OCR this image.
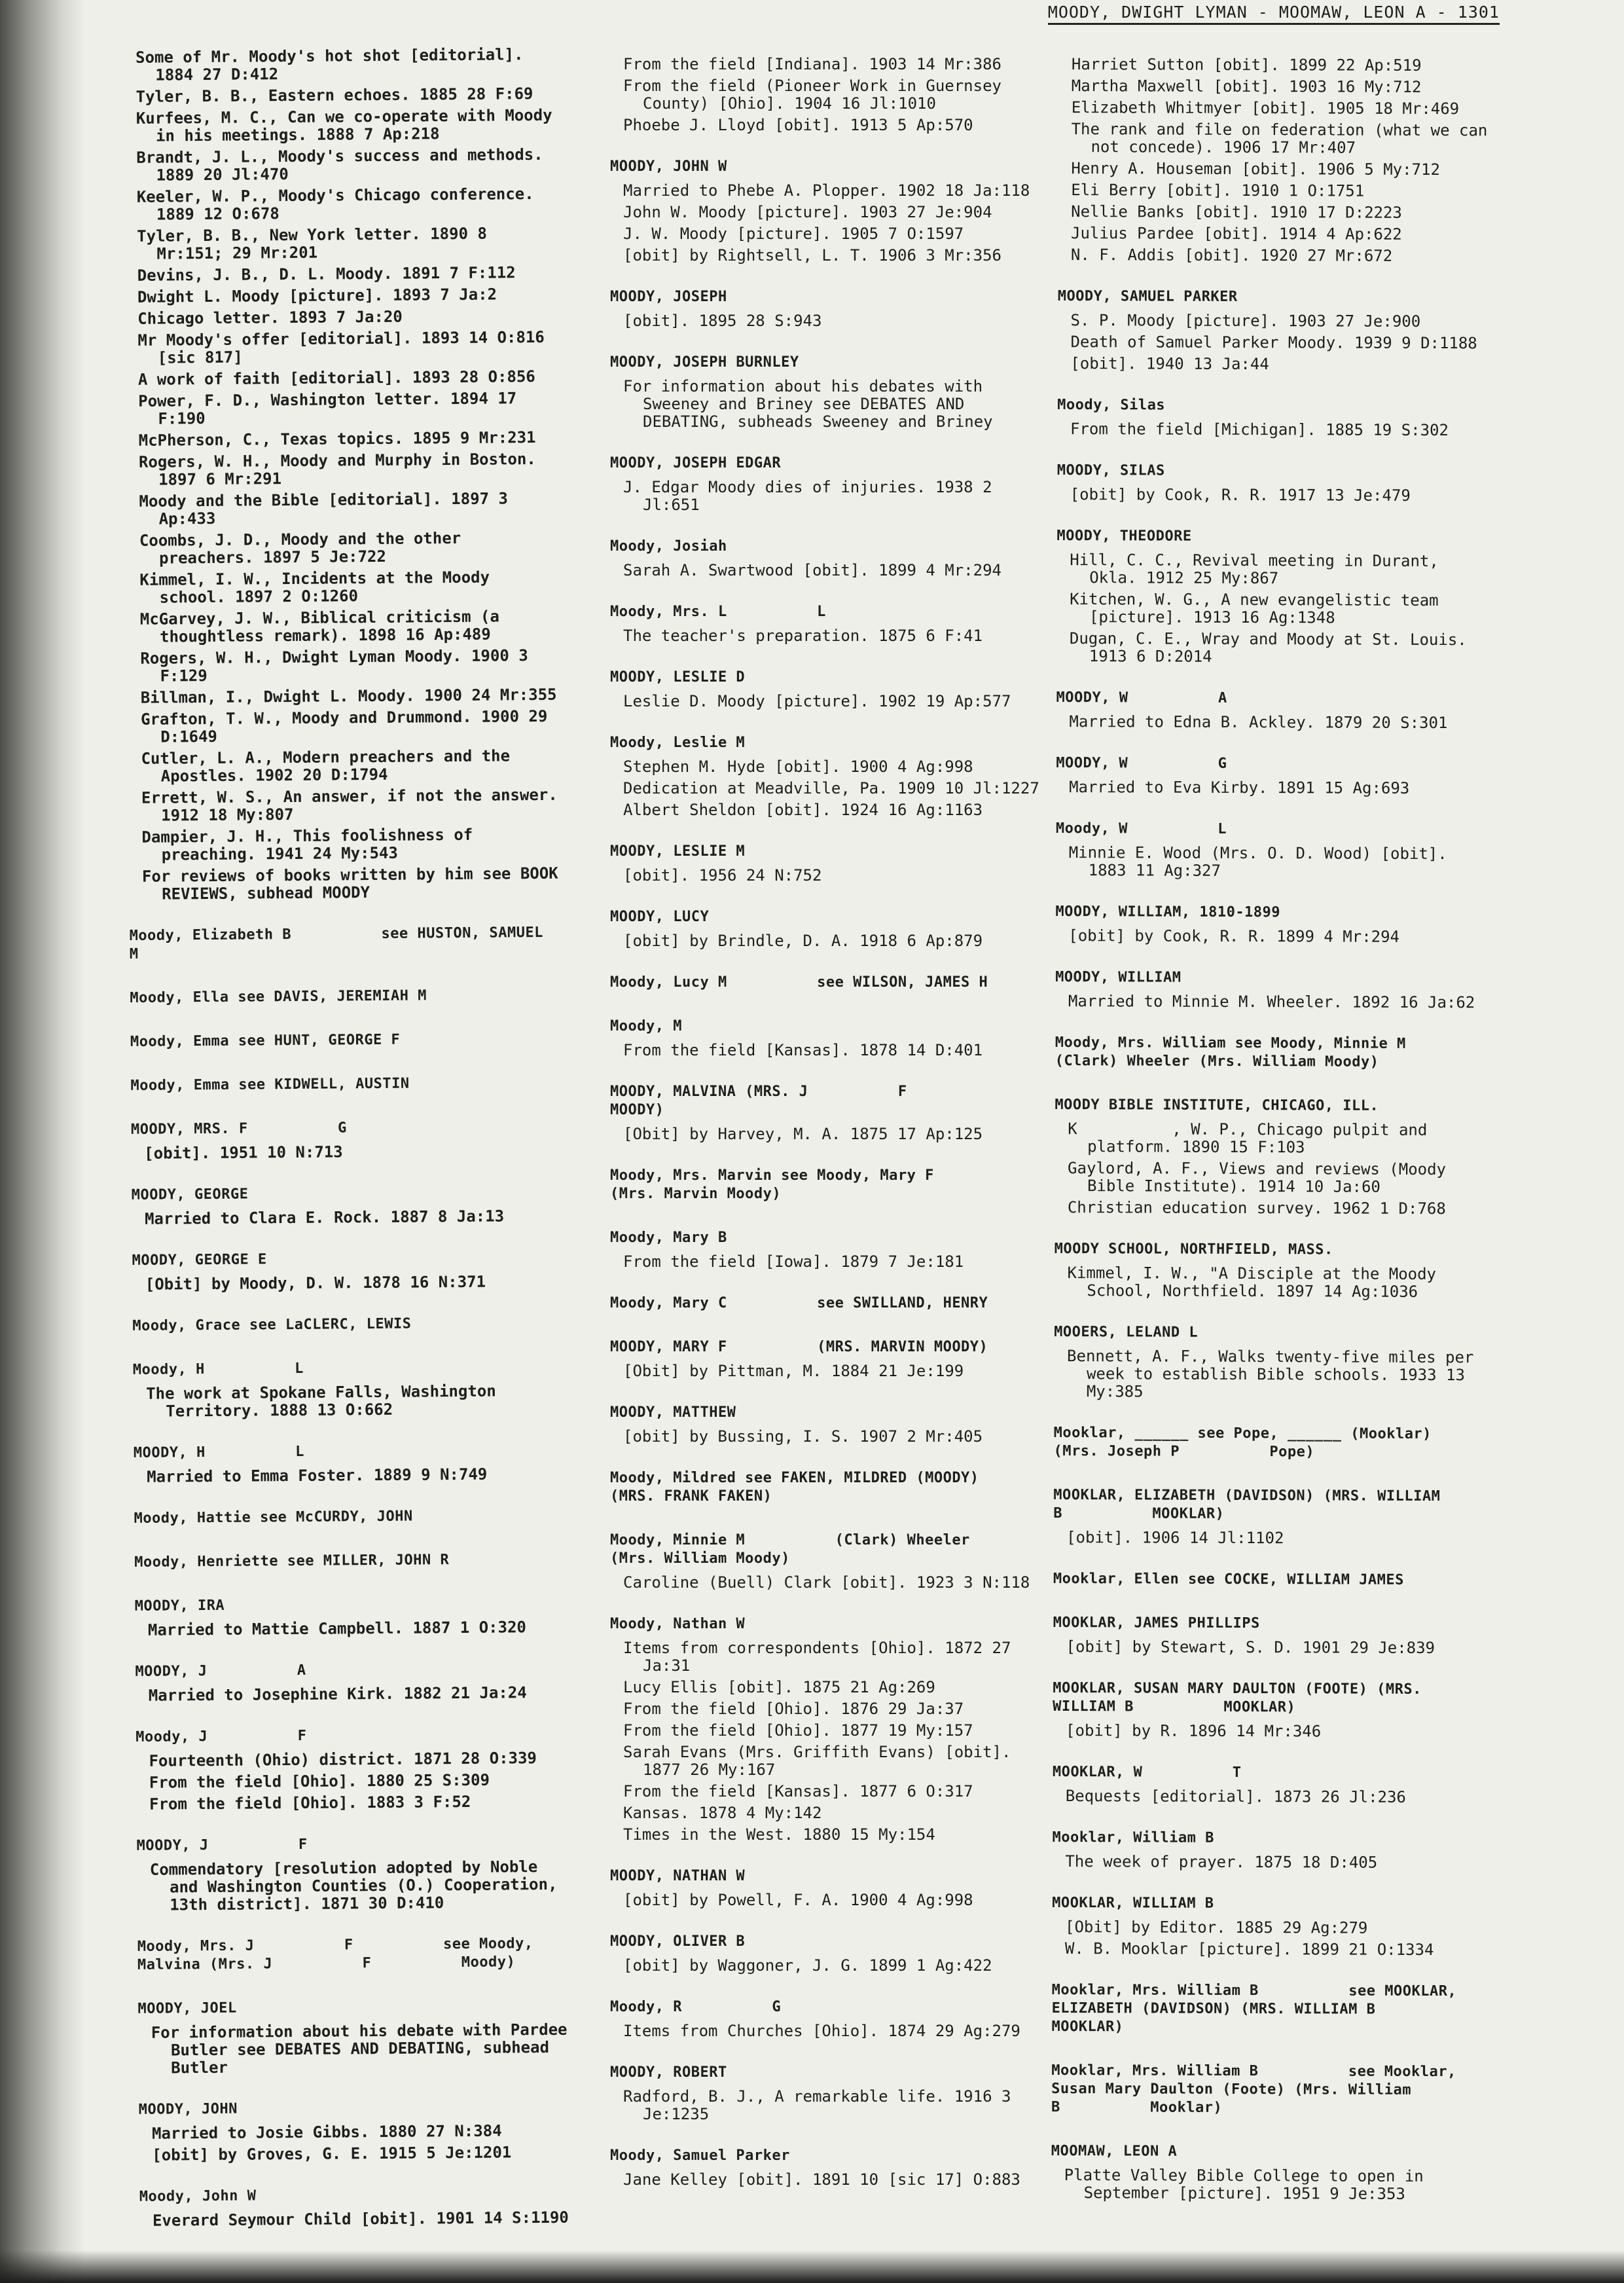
MOODY, DWIGHT LYMAN - MOOMAW, LEON A - 1301
Some of Mr. Moody's hot shot [editorial]. 1884 27 D:412
Tyler, B. B., Eastern echoes. 1885 28 F:69
Kurfees, M. C., Can we co-operate with Moody in his meetings. 1888 7 Ap:218
Brandt, J. L., Moody's success and methods. 1889 20 Jl:470
Keeler, W. P., Moody's Chicago conference. 1889 12 O:678
Tyler, B. B., New York letter. 1890 8 Mr:151; 29 Mr:201
Devins, J. B., D. L. Moody. 1891 7 F:112
Dwight L. Moody [picture]. 1893 7 Ja:2
Chicago letter. 1893 7 Ja:20
Mr Moody's offer [editorial]. 1893 14 O:816 [sic 817]
A work of faith [editorial]. 1893 28 O:856
Power, F. D., Washington letter. 1894 17 F:190
McPherson, C., Texas topics. 1895 9 Mr:231
Rogers, W. H., Moody and Murphy in Boston. 1897 6 Mr:291
Moody and the Bible [editorial]. 1897 3 Ap:433
Coombs, J. D., Moody and the other preachers. 1897 5 Je:722
Kimmel, I. W., Incidents at the Moody school. 1897 2 O:1260
McGarvey, J. W., Biblical criticism (a thoughtless remark). 1898 16 Ap:489
Rogers, W. H., Dwight Lyman Moody. 1900 3 F:129
Billman, I., Dwight L. Moody. 1900 24 Mr:355
Grafton, T. W., Moody and Drummond. 1900 29 D:1649
Cutler, L. A., Modern preachers and the Apostles. 1902 20 D:1794
Errett, W. S., An answer, if not the answer. 1912 18 My:807
Dampier, J. H., This foolishness of preaching. 1941 24 My:543
For reviews of books written by him see BOOK REVIEWS, subhead MOODY
Moody, Elizabeth B          see HUSTON, SAMUEL M
Moody, Ella see DAVIS, JEREMIAH M
Moody, Emma see HUNT, GEORGE F
Moody, Emma see KIDWELL, AUSTIN
MOODY, MRS. F          G
[obit]. 1951 10 N:713
MOODY, GEORGE
Married to Clara E. Rock. 1887 8 Ja:13
MOODY, GEORGE E
[Obit] by Moody, D. W. 1878 16 N:371
Moody, Grace see LaCLERC, LEWIS
Moody, H          L
The work at Spokane Falls, Washington Territory. 1888 13 O:662
MOODY, H          L
Married to Emma Foster. 1889 9 N:749
Moody, Hattie see McCURDY, JOHN
Moody, Henriette see MILLER, JOHN R
MOODY, IRA
Married to Mattie Campbell. 1887 1 O:320
MOODY, J          A
Married to Josephine Kirk. 1882 21 Ja:24
Moody, J          F
Fourteenth (Ohio) district. 1871 28 O:339
From the field [Ohio]. 1880 25 S:309
From the field [Ohio]. 1883 3 F:52
MOODY, J          F
Commendatory [resolution adopted by Noble and Washington Counties (O.) Cooperation, 13th district]. 1871 30 D:410
Moody, Mrs. J          F          see Moody,
Malvina (Mrs. J          F          Moody)
MOODY, JOEL
For information about his debate with Pardee Butler see DEBATES AND DEBATING, subhead Butler
MOODY, JOHN
Married to Josie Gibbs. 1880 27 N:384
[obit] by Groves, G. E. 1915 5 Je:1201
Moody, John W
Everard Seymour Child [obit]. 1901 14 S:1190
From the field [Indiana]. 1903 14 Mr:386
From the field (Pioneer Work in Guernsey County) [Ohio]. 1904 16 Jl:1010
Phoebe J. Lloyd [obit]. 1913 5 Ap:570
MOODY, JOHN W
Married to Phebe A. Plopper. 1902 18 Ja:118
John W. Moody [picture]. 1903 27 Je:904
J. W. Moody [picture]. 1905 7 O:1597
[obit] by Rightsell, L. T. 1906 3 Mr:356
MOODY, JOSEPH
[obit]. 1895 28 S:943
MOODY, JOSEPH BURNLEY
For information about his debates with Sweeney and Briney see DEBATES AND DEBATING, subheads Sweeney and Briney
MOODY, JOSEPH EDGAR
J. Edgar Moody dies of injuries. 1938 2 Jl:651
Moody, Josiah
Sarah A. Swartwood [obit]. 1899 4 Mr:294
Moody, Mrs. L          L
The teacher's preparation. 1875 6 F:41
MOODY, LESLIE D
Leslie D. Moody [picture]. 1902 19 Ap:577
Moody, Leslie M
Stephen M. Hyde [obit]. 1900 4 Ag:998
Dedication at Meadville, Pa. 1909 10 Jl:1227
Albert Sheldon [obit]. 1924 16 Ag:1163
MOODY, LESLIE M
[obit]. 1956 24 N:752
MOODY, LUCY
[obit] by Brindle, D. A. 1918 6 Ap:879
Moody, Lucy M          see WILSON, JAMES H
Moody, M
From the field [Kansas]. 1878 14 D:401
MOODY, MALVINA (MRS. J          F
MOODY)
[Obit] by Harvey, M. A. 1875 17 Ap:125
Moody, Mrs. Marvin see Moody, Mary F
(Mrs. Marvin Moody)
Moody, Mary B
From the field [Iowa]. 1879 7 Je:181
Moody, Mary C          see SWILLAND, HENRY
MOODY, MARY F          (MRS. MARVIN MOODY)
[Obit] by Pittman, M. 1884 21 Je:199
MOODY, MATTHEW
[obit] by Bussing, I. S. 1907 2 Mr:405
Moody, Mildred see FAKEN, MILDRED (MOODY)
(MRS. FRANK FAKEN)
Moody, Minnie M          (Clark) Wheeler
(Mrs. William Moody)
Caroline (Buell) Clark [obit]. 1923 3 N:118
Moody, Nathan W
Items from correspondents [Ohio]. 1872 27 Ja:31
Lucy Ellis [obit]. 1875 21 Ag:269
From the field [Ohio]. 1876 29 Ja:37
From the field [Ohio]. 1877 19 My:157
Sarah Evans (Mrs. Griffith Evans) [obit]. 1877 26 My:167
From the field [Kansas]. 1877 6 O:317
Kansas. 1878 4 My:142
Times in the West. 1880 15 My:154
MOODY, NATHAN W
[obit] by Powell, F. A. 1900 4 Ag:998
MOODY, OLIVER B
[obit] by Waggoner, J. G. 1899 1 Ag:422
Moody, R          G
Items from Churches [Ohio]. 1874 29 Ag:279
MOODY, ROBERT
Radford, B. J., A remarkable life. 1916 3 Je:1235
Moody, Samuel Parker
Jane Kelley [obit]. 1891 10 [sic 17] O:883
Harriet Sutton [obit]. 1899 22 Ap:519
Martha Maxwell [obit]. 1903 16 My:712
Elizabeth Whitmyer [obit]. 1905 18 Mr:469
The rank and file on federation (what we can not concede). 1906 17 Mr:407
Henry A. Houseman [obit]. 1906 5 My:712
Eli Berry [obit]. 1910 1 O:1751
Nellie Banks [obit]. 1910 17 D:2223
Julius Pardee [obit]. 1914 4 Ap:622
N. F. Addis [obit]. 1920 27 Mr:672
MOODY, SAMUEL PARKER
S. P. Moody [picture]. 1903 27 Je:900
Death of Samuel Parker Moody. 1939 9 D:1188
[obit]. 1940 13 Ja:44
Moody, Silas
From the field [Michigan]. 1885 19 S:302
MOODY, SILAS
[obit] by Cook, R. R. 1917 13 Je:479
MOODY, THEODORE
Hill, C. C., Revival meeting in Durant, Okla. 1912 25 My:867
Kitchen, W. G., A new evangelistic team [picture]. 1913 16 Ag:1348
Dugan, C. E., Wray and Moody at St. Louis. 1913 6 D:2014
MOODY, W          A
Married to Edna B. Ackley. 1879 20 S:301
MOODY, W          G
Married to Eva Kirby. 1891 15 Ag:693
Moody, W          L
Minnie E. Wood (Mrs. O. D. Wood) [obit]. 1883 11 Ag:327
MOODY, WILLIAM, 1810-1899
[obit] by Cook, R. R. 1899 4 Mr:294
MOODY, WILLIAM
Married to Minnie M. Wheeler. 1892 16 Ja:62
Moody, Mrs. William see Moody, Minnie M
(Clark) Wheeler (Mrs. William Moody)
MOODY BIBLE INSTITUTE, CHICAGO, ILL.
K          , W. P., Chicago pulpit and platform. 1890 15 F:103
Gaylord, A. F., Views and reviews (Moody Bible Institute). 1914 10 Ja:60
Christian education survey. 1962 1 D:768
MOODY SCHOOL, NORTHFIELD, MASS.
Kimmel, I. W., "A Disciple at the Moody School, Northfield. 1897 14 Ag:1036
MOOERS, LELAND L
Bennett, A. F., Walks twenty-five miles per week to establish Bible schools. 1933 13 My:385
Mooklar, ______ see Pope, ______ (Mooklar)
(Mrs. Joseph P          Pope)
MOOKLAR, ELIZABETH (DAVIDSON) (MRS. WILLIAM
B          MOOKLAR)
[obit]. 1906 14 Jl:1102
Mooklar, Ellen see COCKE, WILLIAM JAMES
MOOKLAR, JAMES PHILLIPS
[obit] by Stewart, S. D. 1901 29 Je:839
MOOKLAR, SUSAN MARY DAULTON (FOOTE) (MRS.
WILLIAM B          MOOKLAR)
[obit] by R. 1896 14 Mr:346
MOOKLAR, W          T
Bequests [editorial]. 1873 26 Jl:236
Mooklar, William B
The week of prayer. 1875 18 D:405
MOOKLAR, WILLIAM B
[Obit] by Editor. 1885 29 Ag:279
W. B. Mooklar [picture]. 1899 21 O:1334
Mooklar, Mrs. William B          see MOOKLAR,
ELIZABETH (DAVIDSON) (MRS. WILLIAM B
MOOKLAR)
Mooklar, Mrs. William B          see Mooklar,
Susan Mary Daulton (Foote) (Mrs. William
B          Mooklar)
MOOMAW, LEON A
Platte Valley Bible College to open in September [picture]. 1951 9 Je:353
